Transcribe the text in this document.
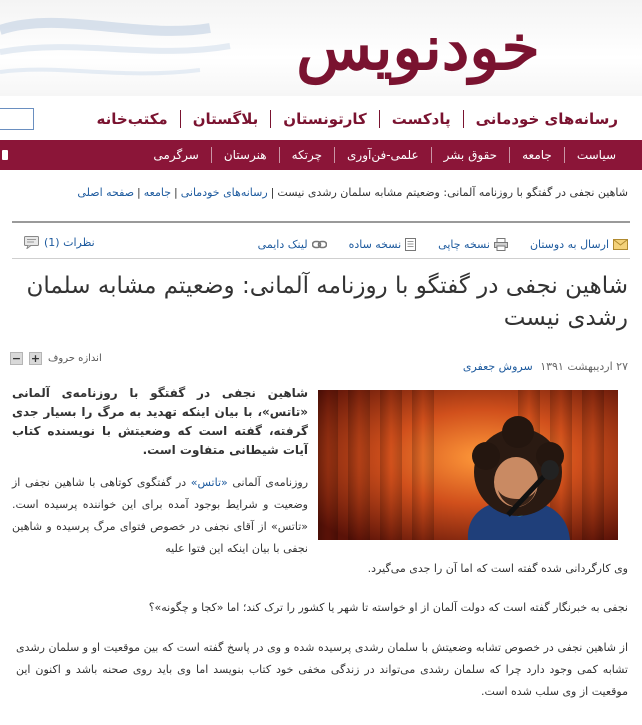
خودنویس
رسانه‌های خودمانی
پادکست
کارتونستان
بلاگستان
مکتب‌خانه
سیاست
جامعه
حقوق بشر
علمی-فن‌آوری
چرتکه
هنرستان
سرگرمی
شاهین نجفی در گفتگو با روزنامه آلمانی: وضعیتم مشابه سلمان رشدی نیست|رسانه‌های خودمانی|جامعه|صفحه اصلی
ارسال به دوستان
نسخه چاپی
نسخه ساده
لینک دایمی
نظرات (1)
شاهین نجفی در گفتگو با روزنامه آلمانی: وضعیتم مشابه سلمان رشدی نیست
− + اندازه حروف
۲۷ اردیبهشت ۱۳۹۱ سروش جعفری
شاهین نجفی در گفتگو با روزنامه‌ی آلمانی «تاتس»، با بیان اینکه تهدید به مرگ را بسیار جدی گرفته، گفته است که وضعیتش با نویسنده کتاب آیات شیطانی متفاوت است.
روزنامه‌ی آلمانی «تاتس» در گفتگوی کوتاهی با شاهین نجفی از وضعیت و شرایط بوجود آمده برای این خواننده پرسیده است. «تاتس» از آقای نجفی در خصوص فتوای مرگ پرسیده و شاهین نجفی با بیان اینکه این فتوا علیه
وی کارگردانی شده گفته است که اما آن را جدی می‌گیرد.
نجفی به خبرنگار گفته است که دولت آلمان از او خواسته تا شهر یا کشور را ترک کند؛ اما «کجا و چگونه»؟
از شاهین نجفی در خصوص تشابه وضعیتش با سلمان رشدی پرسیده شده و وی در پاسخ گفته است که بین موقعیت او و سلمان رشدی تشابه کمی وجود دارد چرا که سلمان رشدی می‌تواند در زندگی مخفی خود کتاب بنویسد اما وی باید روی صحنه باشد و اکنون این موقعیت از وی سلب شده است.
